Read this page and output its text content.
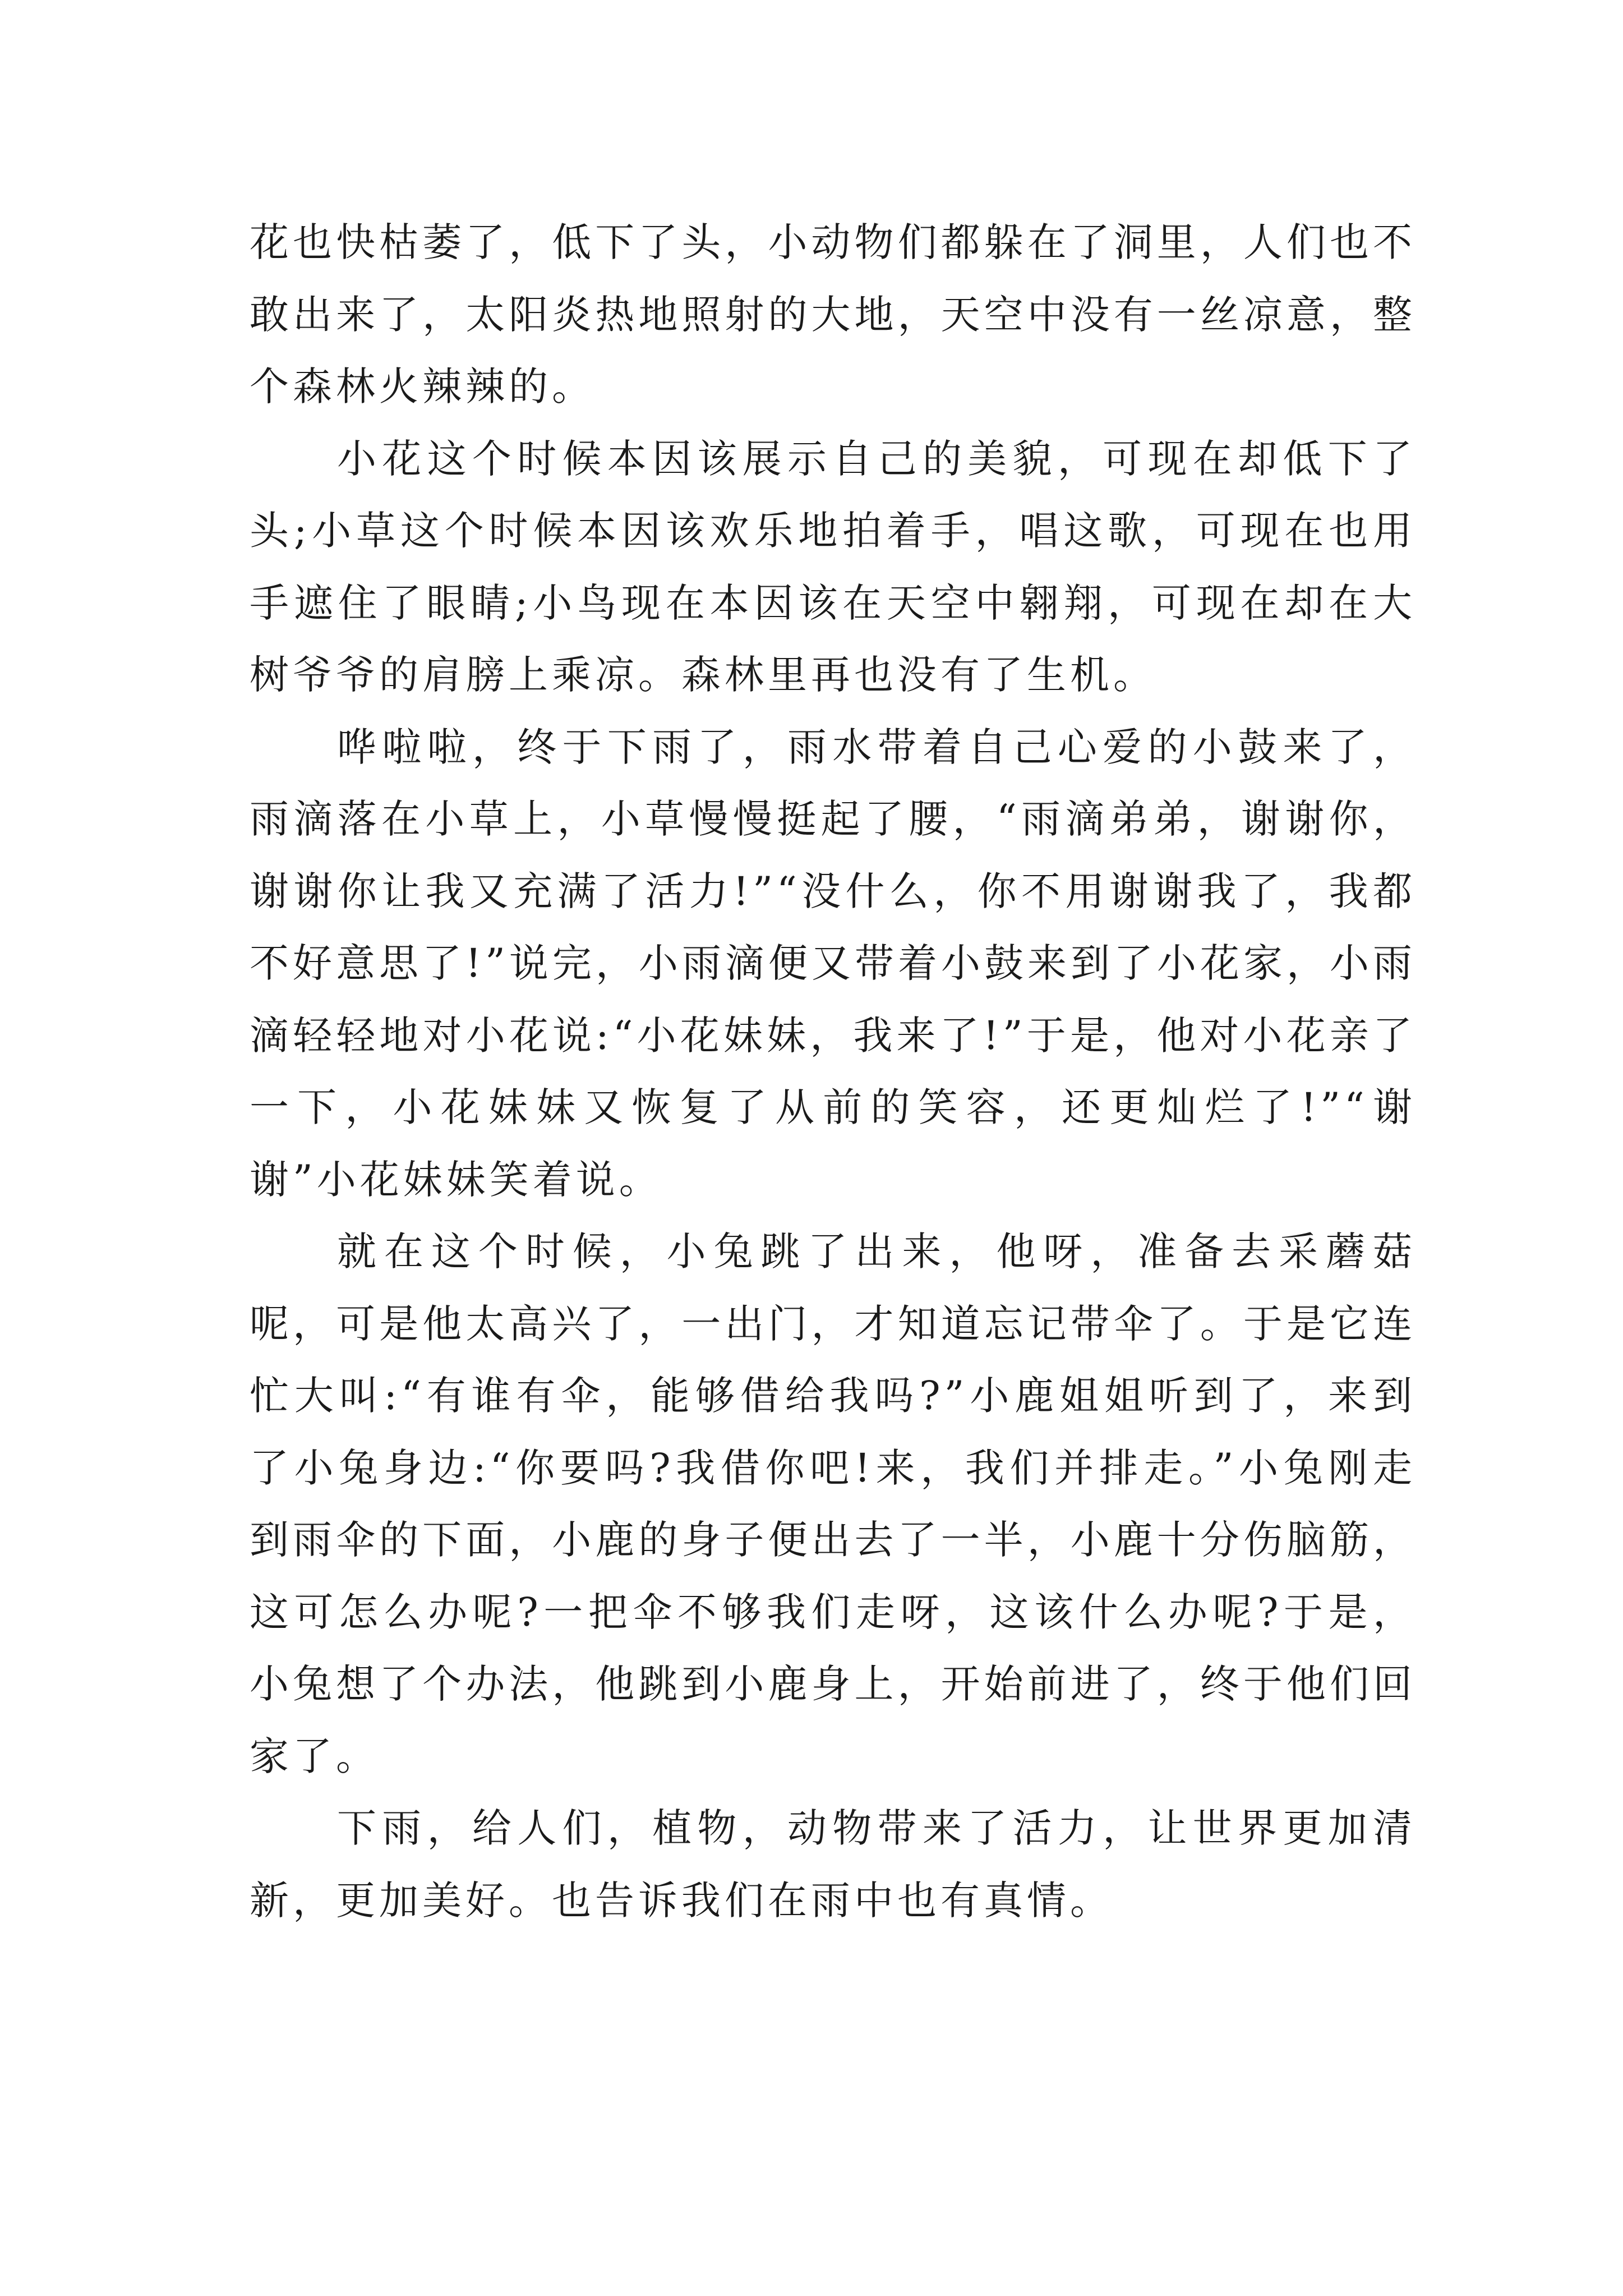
花也快枯萎了，低下了头，小动物们都躲在了洞里，人们也不敢出来了，太阳炎热地照射的大地，天空中没有一丝凉意，整个森林火辣辣的。

小花这个时候本因该展示自己的美貌，可现在却低下了头;小草这个时候本因该欢乐地拍着手，唱这歌，可现在也用手遮住了眼睛;小鸟现在本因该在天空中翱翔，可现在却在大树爷爷的肩膀上乘凉。森林里再也没有了生机。

哗啦啦，终于下雨了，雨水带着自己心爱的小鼓来了，雨滴落在小草上，小草慢慢挺起了腰，“雨滴弟弟，谢谢你，谢谢你让我又充满了活力!”“没什么，你不用谢谢我了，我都不好意思了!”说完，小雨滴便又带着小鼓来到了小花家，小雨滴轻轻地对小花说:“小花妹妹，我来了!”于是，他对小花亲了一下，小花妹妹又恢复了从前的笑容，还更灿烂了!”“谢谢”小花妹妹笑着说。

就在这个时候，小兔跳了出来，他呀，准备去采蘑菇呢，可是他太高兴了，一出门，才知道忘记带伞了。于是它连忙大叫:“有谁有伞，能够借给我吗?”小鹿姐姐听到了，来到了小兔身边:“你要吗?我借你吧!来，我们并排走。”小兔刚走到雨伞的下面，小鹿的身子便出去了一半，小鹿十分伤脑筋，这可怎么办呢?一把伞不够我们走呀，这该什么办呢?于是，小兔想了个办法，他跳到小鹿身上，开始前进了，终于他们回家了。

下雨，给人们，植物，动物带来了活力，让世界更加清新，更加美好。也告诉我们在雨中也有真情。
